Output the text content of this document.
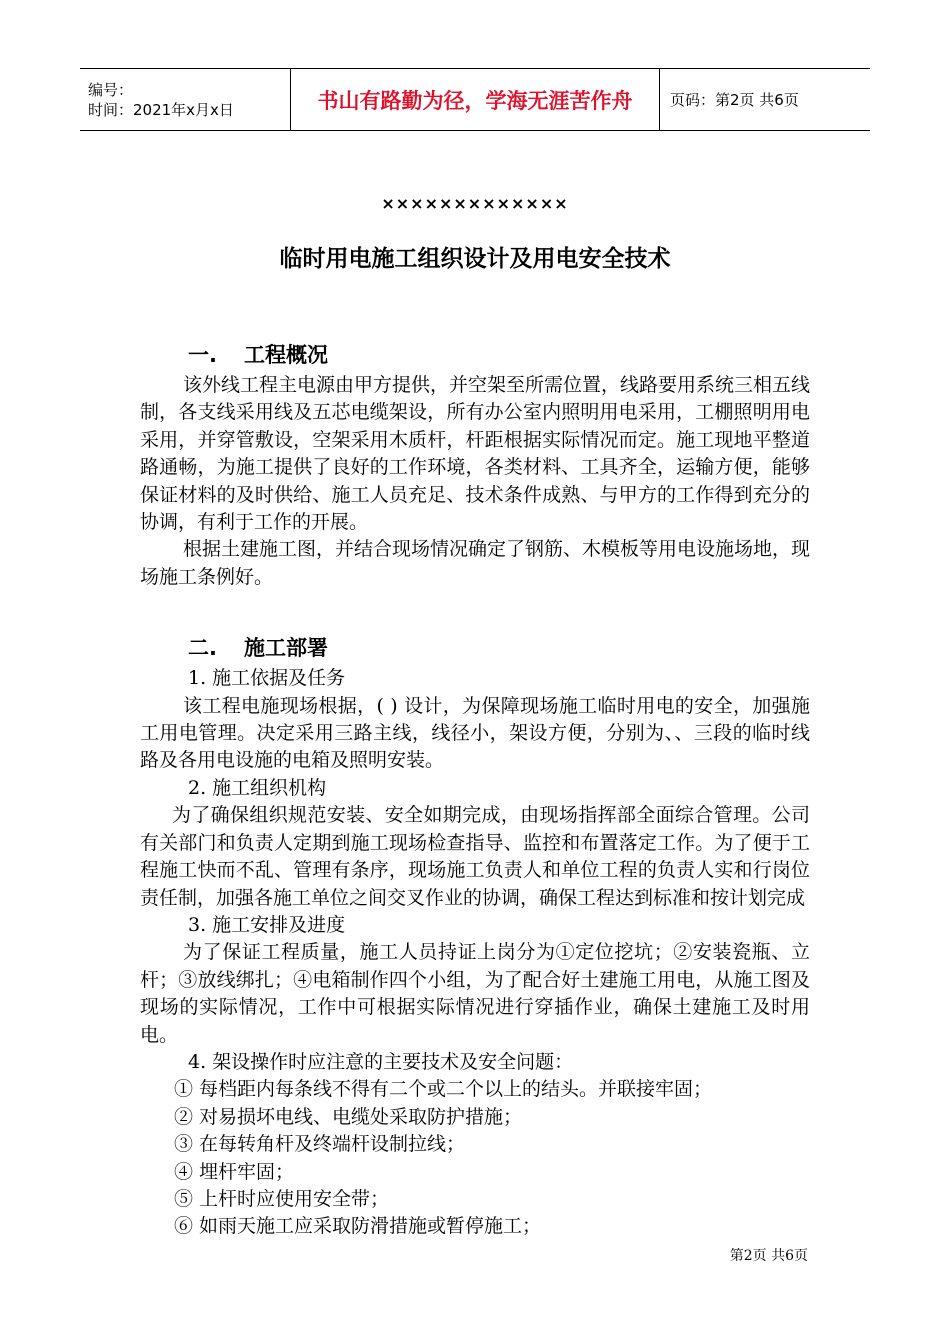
编号：
时间：2021年x月x日	书山有路勤为径，学海无涯苦作舟	页码：第2页 共6页
×××××××××××××
临时用电施工组织设计及用电安全技术
一. 工程概况

该外线工程主电源由甲方提供，并空架至所需位置，线路要用系统三相五线制，各支线采用线及五芯电缆架设，所有办公室内照明用电采用，工棚照明用电采用，并穿管敷设，空架采用木质杆，杆距根据实际情况而定。施工现地平整道路通畅，为施工提供了良好的工作环境，各类材料、工具齐全，运输方便，能够保证材料的及时供给、施工人员充足、技术条件成熟、与甲方的工作得到充分的协调，有利于工作的开展。

根据土建施工图，并结合现场情况确定了钢筋、木模板等用电设施场地，现场施工条例好。

二. 施工部署

1. 施工依据及任务

该工程电施现场根据，( ) 设计，为保障现场施工临时用电的安全，加强施工用电管理。决定采用三路主线，线径小，架设方便，分别为、、三段的临时线路及各用电设施的电箱及照明安装。

2. 施工组织机构

为了确保组织规范安装、安全如期完成，由现场指挥部全面综合管理。公司有关部门和负责人定期到施工现场检查指导、监控和布置落定工作。为了便于工程施工快而不乱、管理有条序，现场施工负责人和单位工程的负责人实和行岗位责任制，加强各施工单位之间交叉作业的协调，确保工程达到标准和按计划完成

3. 施工安排及进度

为了保证工程质量，施工人员持证上岗分为①定位挖坑；②安装瓷瓶、立杆；③放线绑扎；④电箱制作四个小组，为了配合好土建施工用电，从施工图及现场的实际情况，工作中可根据实际情况进行穿插作业，确保土建施工及时用电。

4. 架设操作时应注意的主要技术及安全问题：

① 每档距内每条线不得有二个或二个以上的结头。并联接牢固；

② 对易损坏电线、电缆处采取防护措施；

③ 在每转角杆及终端杆设制拉线；

④ 埋杆牢固；

⑤ 上杆时应使用安全带；

⑥ 如雨天施工应采取防滑措施或暂停施工；

第2页 共6页
